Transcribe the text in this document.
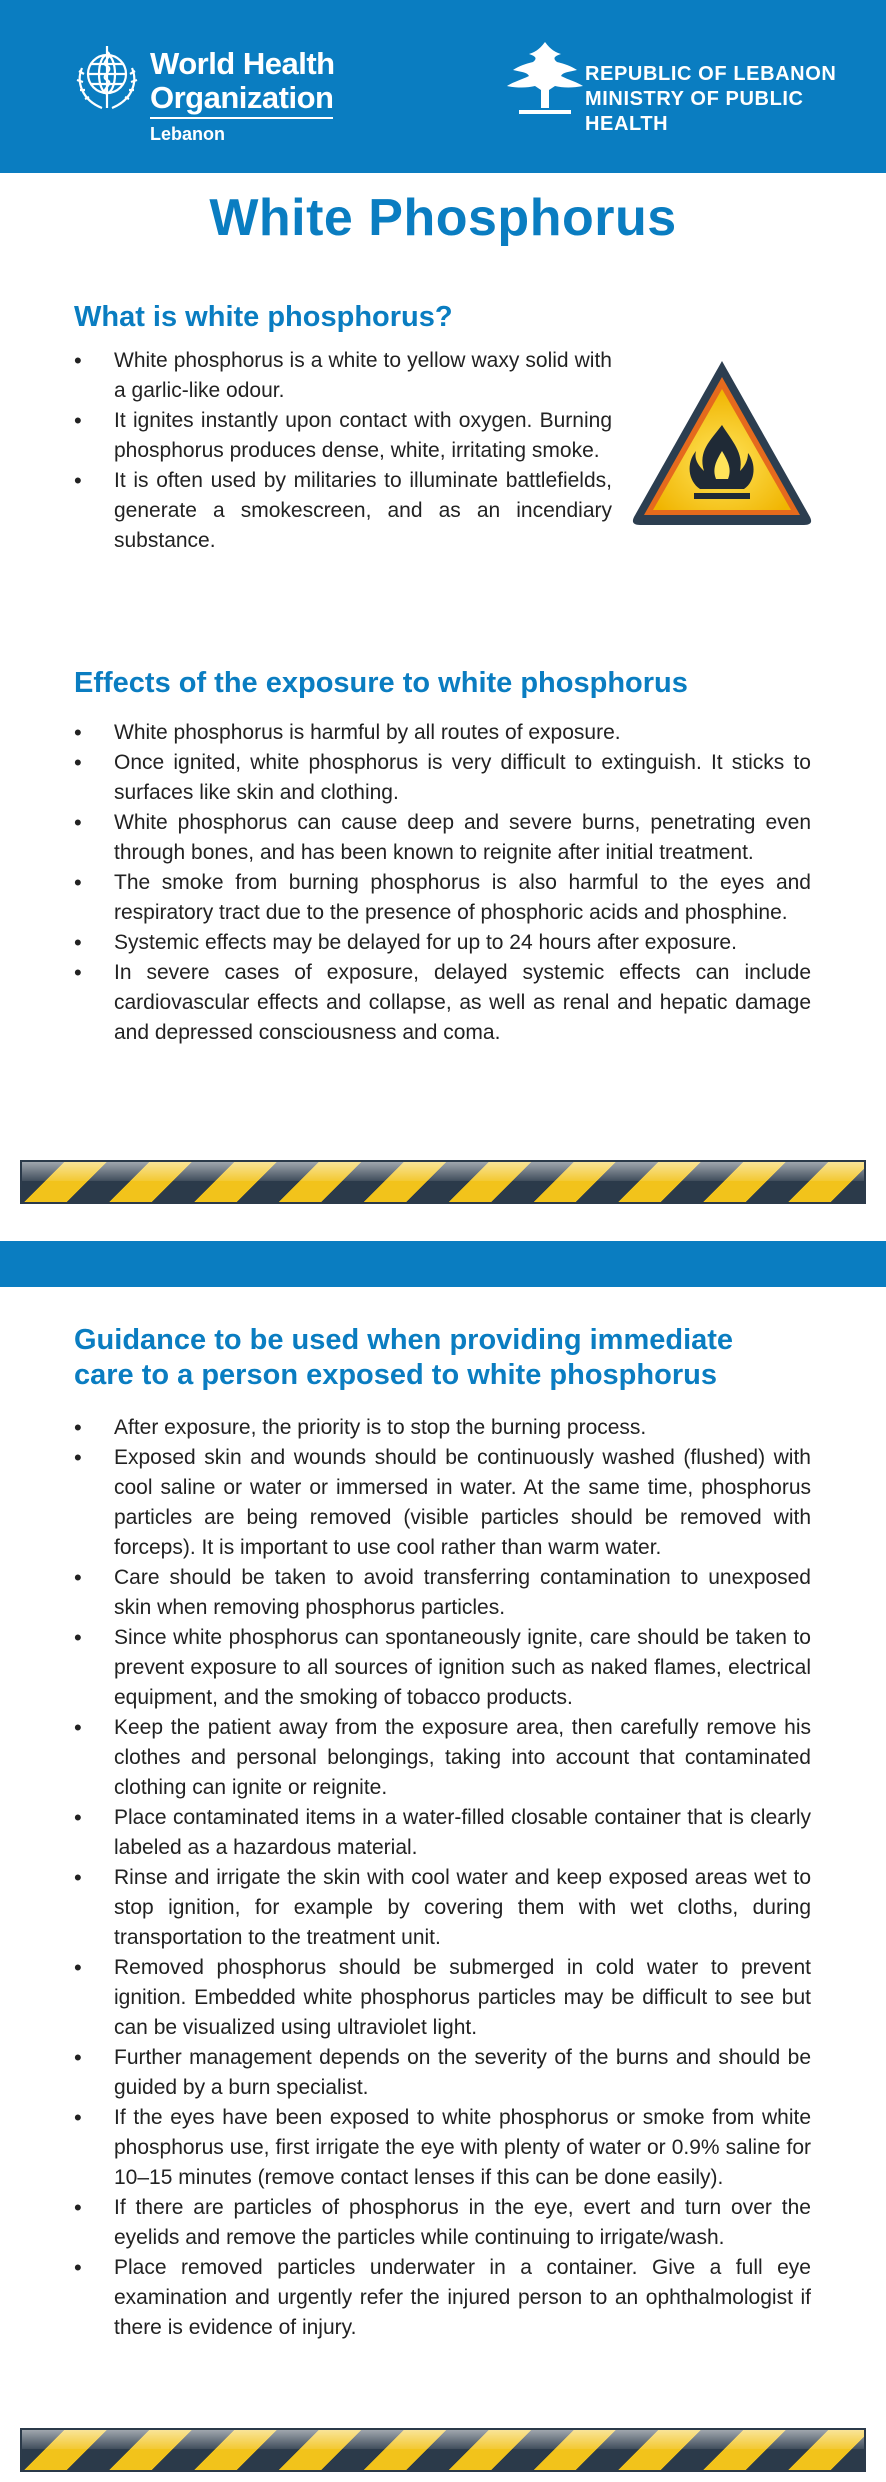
World Health
Organization
Lebanon
REPUBLIC OF LEBANON
MINISTRY OF PUBLIC HEALTH
White Phosphorus
What is white phosphorus?
• White phosphorus is a white to yellow waxy solid with a garlic-like odour.
• It ignites instantly upon contact with oxygen. Burning phosphorus produces dense, white, irritating smoke.
• It is often used by militaries to illuminate battlefields, generate a smokescreen, and as an incendiary substance.
Effects of the exposure to white phosphorus
• White phosphorus is harmful by all routes of exposure.
• Once ignited, white phosphorus is very difficult to extinguish. It sticks to surfaces like skin and clothing.
• White phosphorus can cause deep and severe burns, penetrating even through bones, and has been known to reignite after initial treatment.
• The smoke from burning phosphorus is also harmful to the eyes and respiratory tract due to the presence of phosphoric acids and phosphine.
• Systemic effects may be delayed for up to 24 hours after exposure.
• In severe cases of exposure, delayed systemic effects can include cardiovascular effects and collapse, as well as renal and hepatic damage and depressed consciousness and coma.
Guidance to be used when providing immediate care to a person exposed to white phosphorus
• After exposure, the priority is to stop the burning process.
• Exposed skin and wounds should be continuously washed (flushed) with cool saline or water or immersed in water. At the same time, phosphorus particles are being removed (visible particles should be removed with forceps). It is important to use cool rather than warm water.
• Care should be taken to avoid transferring contamination to unexposed skin when removing phosphorus particles.
• Since white phosphorus can spontaneously ignite, care should be taken to prevent exposure to all sources of ignition such as naked flames, electrical equipment, and the smoking of tobacco products.
• Keep the patient away from the exposure area, then carefully remove his clothes and personal belongings, taking into account that contaminated clothing can ignite or reignite.
• Place contaminated items in a water-filled closable container that is clearly labeled as a hazardous material.
• Rinse and irrigate the skin with cool water and keep exposed areas wet to stop ignition, for example by covering them with wet cloths, during transportation to the treatment unit.
• Removed phosphorus should be submerged in cold water to prevent ignition. Embedded white phosphorus particles may be difficult to see but can be visualized using ultraviolet light.
• Further management depends on the severity of the burns and should be guided by a burn specialist.
• If the eyes have been exposed to white phosphorus or smoke from white phosphorus use, first irrigate the eye with plenty of water or 0.9% saline for 10–15 minutes (remove contact lenses if this can be done easily).
• If there are particles of phosphorus in the eye, evert and turn over the eyelids and remove the particles while continuing to irrigate/wash.
• Place removed particles underwater in a container. Give a full eye examination and urgently refer the injured person to an ophthalmologist if there is evidence of injury.
